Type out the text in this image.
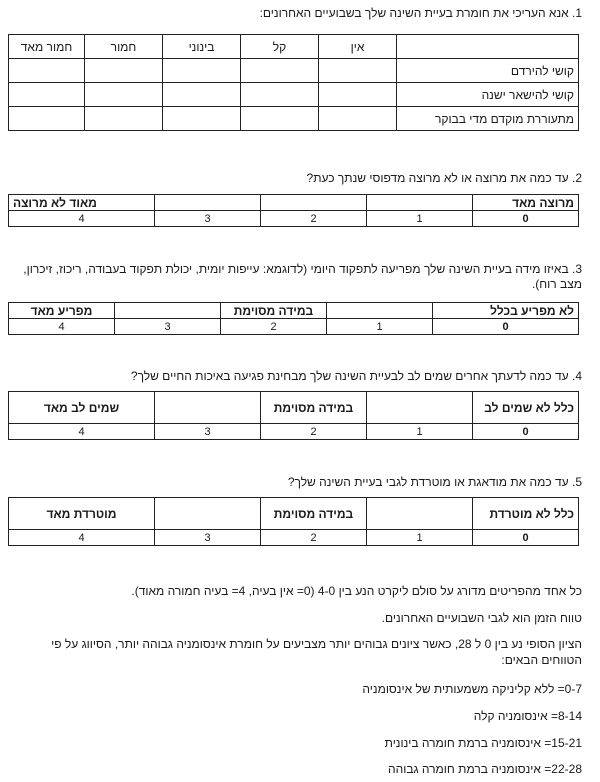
1. אנא העריכי את חומרת בעיית השינה שלך בשבועיים האחרונים:
	אין	קל	בינוני	חמור	חמור מאד
קושי להירדם					
קושי להישאר ישנה					
מתעוררת מוקדם מדי בבוקר					
2. עד כמה את מרוצה או לא מרוצה מדפוסי שנתך כעת?
מרוצה מאד				מאוד לא מרוצה
0	1	2	3	4
3. באיזו מידה בעיית השינה שלך מפריעה לתפקוד היומי (לדוגמא: עייפות יומית, יכולת תפקוד בעבודה, ריכוז, זיכרון, מצב רוח).
לא מפריע בכלל		במידה מסוימת		מפריע מאד
0	1	2	3	4
4. עד כמה לדעתך אחרים שמים לב לבעיית השינה שלך מבחינת פגיעה באיכות החיים שלך?
כלל לא שמים לב		במידה מסוימת		שמים לב מאד
0	1	2	3	4
5. עד כמה את מודאגת או מוטרדת לגבי בעיית השינה שלך?
כלל לא מוטרדת		במידה מסוימת		מוטרדת מאד
0	1	2	3	4
כל אחד מהפריטים מדורג על סולם ליקרט הנע בין 4-0 (0= אין בעיה, 4= בעיה חמורה מאוד).
טווח הזמן הוא לגבי השבועיים האחרונים.
הציון הסופי נע בין 0 ל 28, כאשר ציונים גבוהים יותר מצביעים על חומרת אינסומניה גבוהה יותר, הסיווג על פי הטווחים הבאים:
0-7= ללא קליניקה משמעותית של אינסומניה
8-14= אינסומניה קלה
15-21= אינסומניה ברמת חומרה בינונית
22-28= אינסומניה ברמת חומרה גבוהה
